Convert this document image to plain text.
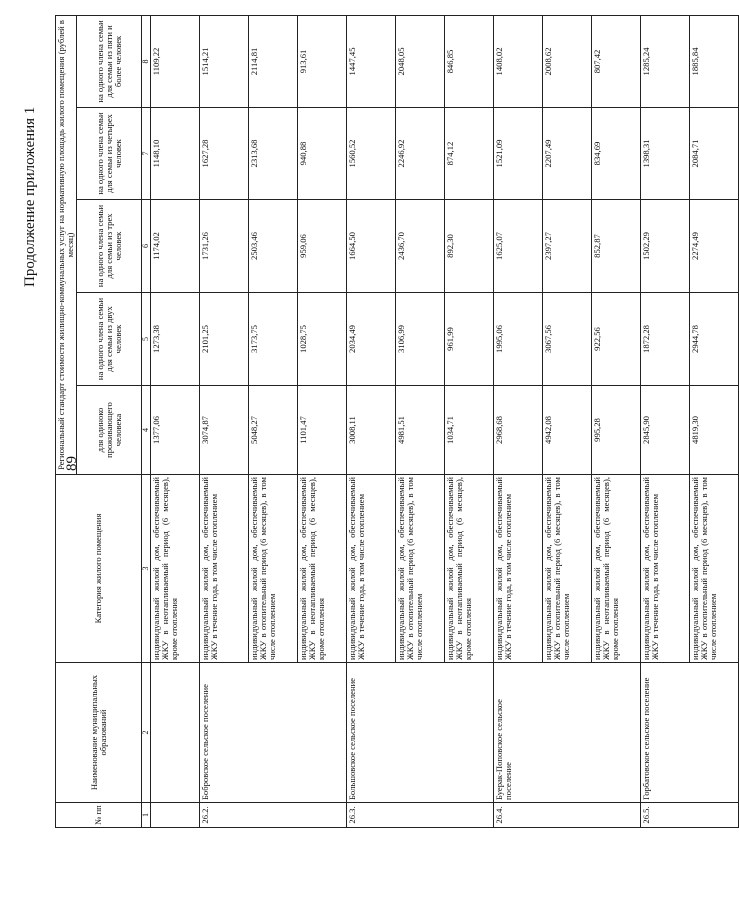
89
Продолжение приложения 1
№ пп	Наименование муниципальных образований	Категория жилого помещения	Региональный стандарт стоимости жилищно-коммунальных услуг на нормативную площадь жилого помещения (рублей в месяц)				
			для одиноко проживающего человека	на одного члена семьи для семьи из двух человек	на одного члена семьи для семьи из трех человек	на одного члена семьи для семьи из четырех человек	на одного члена семьи для семьи из пяти и более человек
1	2	3	4	5	6	7	8
		индивидуальный жилой дом, обеспечиваемый ЖКУ в неотапливаемый период (6 месяцев), кроме отопления	1377,06	1273,38	1174,02	1148,10	1109,22
26.2.	Бобровское сельское поселение	индивидуальный жилой дом, обеспечиваемый ЖКУ в течение года, в том числе отоплением	3074,87	2101,25	1731,26	1627,28	1514,21
		индивидуальный жилой дом, обеспечиваемый ЖКУ в отопительный период (6 месяцев), в том числе отоплением	5048,27	3173,75	2503,46	2313,68	2114,81
		индивидуальный жилой дом, обеспечиваемый ЖКУ в неотапливаемый период (6 месяцев), кроме отопления	1101,47	1028,75	959,06	940,88	913,61
26.3.	Большовское сельское поселение	индивидуальный жилой дом, обеспечиваемый ЖКУ в течение года, в том числе отоплением	3008,11	2034,49	1664,50	1560,52	1447,45
		индивидуальный жилой дом, обеспечиваемый ЖКУ в отопительный период (6 месяцев), в том числе отоплением	4981,51	3106,99	2436,70	2246,92	2048,05
		индивидуальный жилой дом, обеспечиваемый ЖКУ в неотапливаемый период (6 месяцев), кроме отопления	1034,71	961,99	892,30	874,12	846,85
26.4.	Буерак-Поповское сельское поселение	индивидуальный жилой дом, обеспечиваемый ЖКУ в течение года, в том числе отоплением	2968,68	1995,06	1625,07	1521,09	1408,02
		индивидуальный жилой дом, обеспечиваемый ЖКУ в отопительный период (6 месяцев), в том числе отоплением	4942,08	3067,56	2397,27	2207,49	2008,62
		индивидуальный жилой дом, обеспечиваемый ЖКУ в неотапливаемый период (6 месяцев), кроме отопления	995,28	922,56	852,87	834,69	807,42
26.5.	Горбатовское сельское поселение	индивидуальный жилой дом, обеспечиваемый ЖКУ в течение года, в том числе отоплением	2845,90	1872,28	1502,29	1398,31	1285,24
		индивидуальный жилой дом, обеспечиваемый ЖКУ в отопительный период (6 месяцев), в том числе отоплением	4819,30	2944,78	2274,49	2084,71	1885,84
